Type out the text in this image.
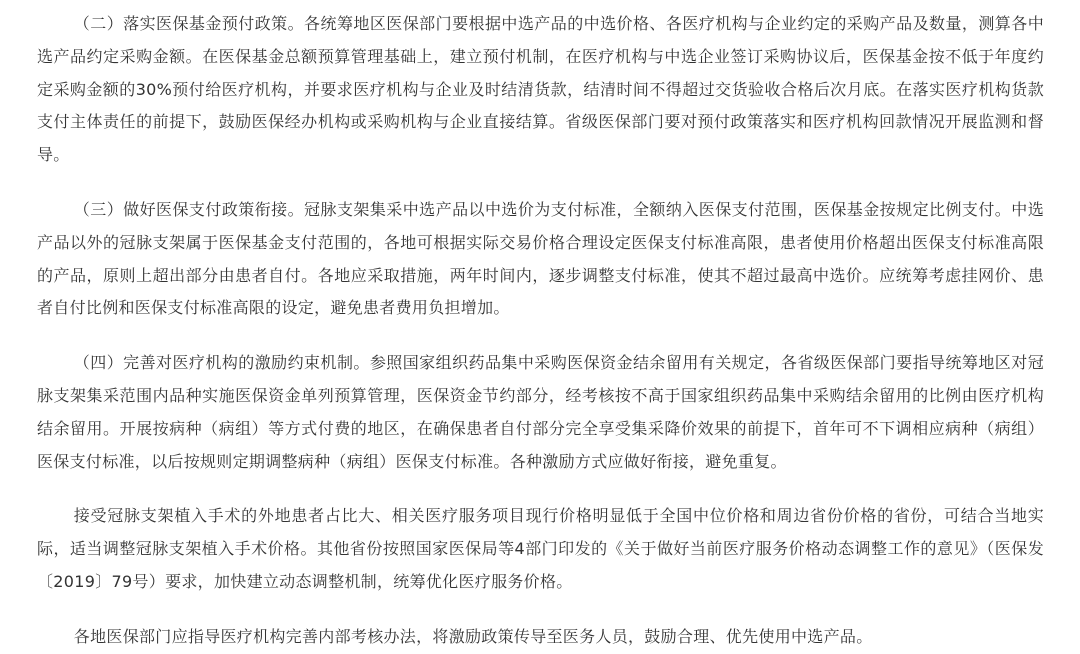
（二）落实医保基金预付政策。各统筹地区医保部门要根据中选产品的中选价格、各医疗机构与企业约定的采购产品及数量，测算各中选产品约定采购金额。在医保基金总额预算管理基础上，建立预付机制，在医疗机构与中选企业签订采购协议后，医保基金按不低于年度约定采购金额的30%预付给医疗机构，并要求医疗机构与企业及时结清货款，结清时间不得超过交货验收合格后次月底。在落实医疗机构货款支付主体责任的前提下，鼓励医保经办机构或采购机构与企业直接结算。省级医保部门要对预付政策落实和医疗机构回款情况开展监测和督导。

（三）做好医保支付政策衔接。冠脉支架集采中选产品以中选价为支付标准，全额纳入医保支付范围，医保基金按规定比例支付。中选产品以外的冠脉支架属于医保基金支付范围的，各地可根据实际交易价格合理设定医保支付标准高限，患者使用价格超出医保支付标准高限的产品，原则上超出部分由患者自付。各地应采取措施，两年时间内，逐步调整支付标准，使其不超过最高中选价。应统筹考虑挂网价、患者自付比例和医保支付标准高限的设定，避免患者费用负担增加。

（四）完善对医疗机构的激励约束机制。参照国家组织药品集中采购医保资金结余留用有关规定，各省级医保部门要指导统筹地区对冠脉支架集采范围内品种实施医保资金单列预算管理，医保资金节约部分，经考核按不高于国家组织药品集中采购结余留用的比例由医疗机构结余留用。开展按病种（病组）等方式付费的地区，在确保患者自付部分完全享受集采降价效果的前提下，首年可不下调相应病种（病组）医保支付标准，以后按规则定期调整病种（病组）医保支付标准。各种激励方式应做好衔接，避免重复。

接受冠脉支架植入手术的外地患者占比大、相关医疗服务项目现行价格明显低于全国中位价格和周边省份价格的省份，可结合当地实际，适当调整冠脉支架植入手术价格。其他省份按照国家医保局等4部门印发的《关于做好当前医疗服务价格动态调整工作的意见》（医保发〔2019〕79号）要求，加快建立动态调整机制，统筹优化医疗服务价格。

各地医保部门应指导医疗机构完善内部考核办法，将激励政策传导至医务人员，鼓励合理、优先使用中选产品。
